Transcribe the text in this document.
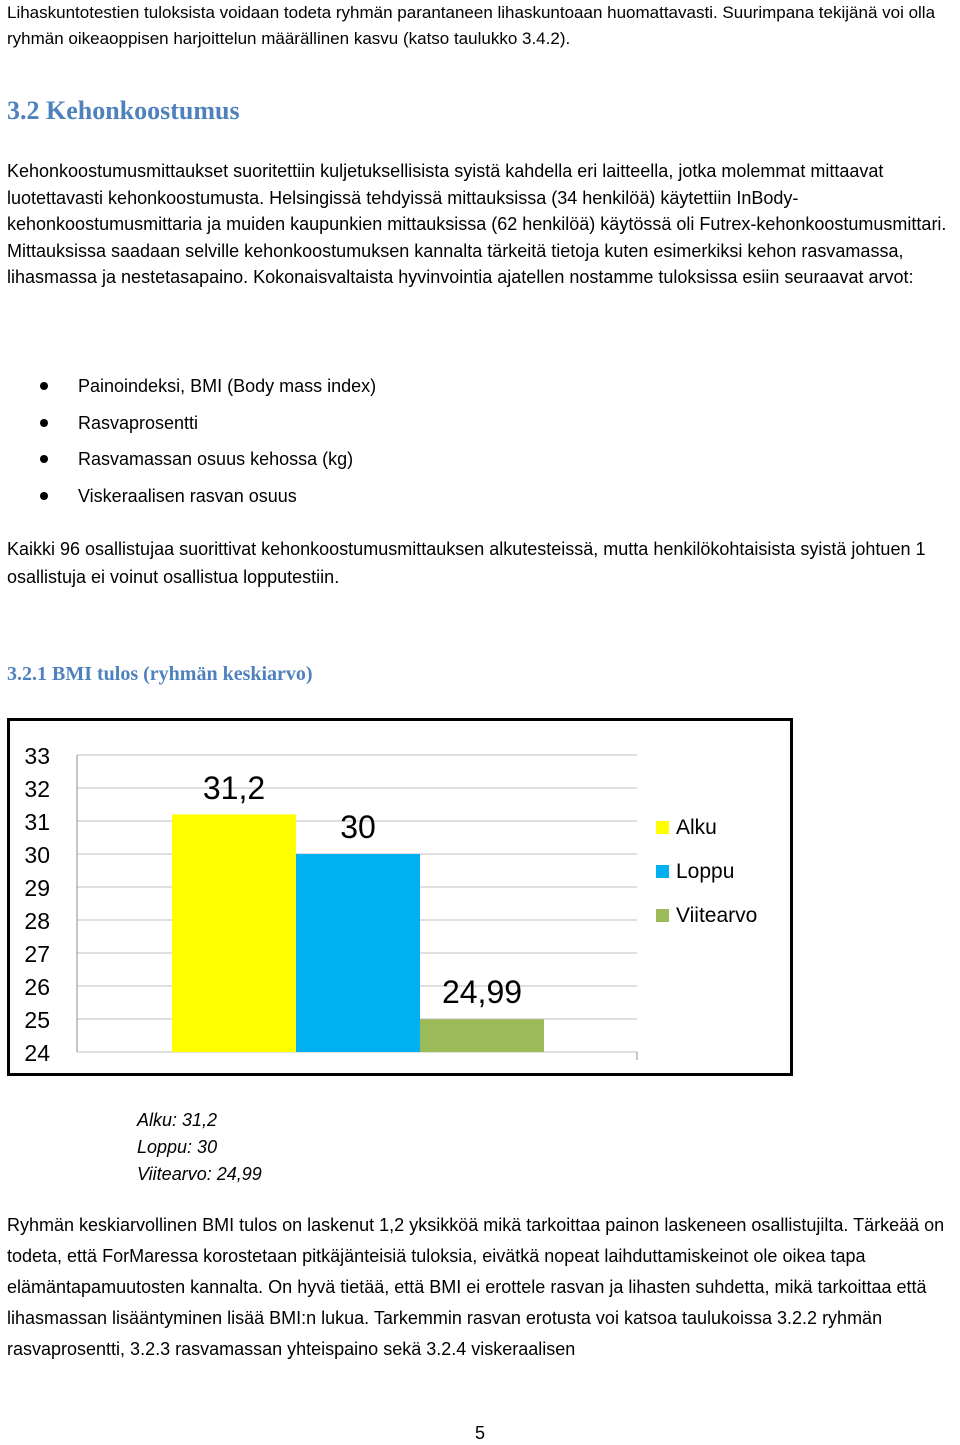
Lihaskuntotestien tuloksista voidaan todeta ryhmän parantaneen lihaskuntoaan huomattavasti. Suurimpana tekijänä voi olla ryhmän oikeaoppisen harjoittelun määrällinen kasvu (katso taulukko 3.4.2).
3.2 Kehonkoostumus
Kehonkoostumusmittaukset suoritettiin kuljetuksellisista syistä kahdella eri laitteella, jotka molemmat mittaavat luotettavasti kehonkoostumusta. Helsingissä tehdyissä mittauksissa (34 henkilöä) käytettiin InBody-kehonkoostumusmittaria ja muiden kaupunkien mittauksissa (62 henkilöä) käytössä oli Futrex-kehonkoostumusmittari. Mittauksissa saadaan selville kehonkoostumuksen kannalta tärkeitä tietoja kuten esimerkiksi kehon rasvamassa, lihasmassa ja nestetasapaino. Kokonaisvaltaista hyvinvointia ajatellen nostamme tuloksissa esiin seuraavat arvot:
Painoindeksi, BMI (Body mass index)
Rasvaprosentti
Rasvamassan osuus kehossa (kg)
Viskeraalisen rasvan osuus
Kaikki 96 osallistujaa suorittivat kehonkoostumusmittauksen alkutesteissä, mutta henkilökohtaisista syistä johtuen 1 osallistuja ei voinut osallistua lopputestiin.
3.2.1 BMI tulos (ryhmän keskiarvo)
24
25
26
27
28
29
30
31
32
33
31,2
30
24,99
Alku
Loppu
Viitearvo
Alku: 31,2
Loppu: 30
Viitearvo: 24,99
Ryhmän keskiarvollinen BMI tulos on laskenut 1,2 yksikköä mikä tarkoittaa painon laskeneen osallistujilta. Tärkeää on todeta, että ForMaressa korostetaan pitkäjänteisiä tuloksia, eivätkä nopeat laihduttamiskeinot ole oikea tapa elämäntapamuutosten kannalta. On hyvä tietää, että BMI ei erottele rasvan ja lihasten suhdetta, mikä tarkoittaa että lihasmassan lisääntyminen lisää BMI:n lukua. Tarkemmin rasvan erotusta voi katsoa taulukoissa 3.2.2 ryhmän rasvaprosentti, 3.2.3 rasvamassan yhteispaino sekä 3.2.4 viskeraalisen
5
